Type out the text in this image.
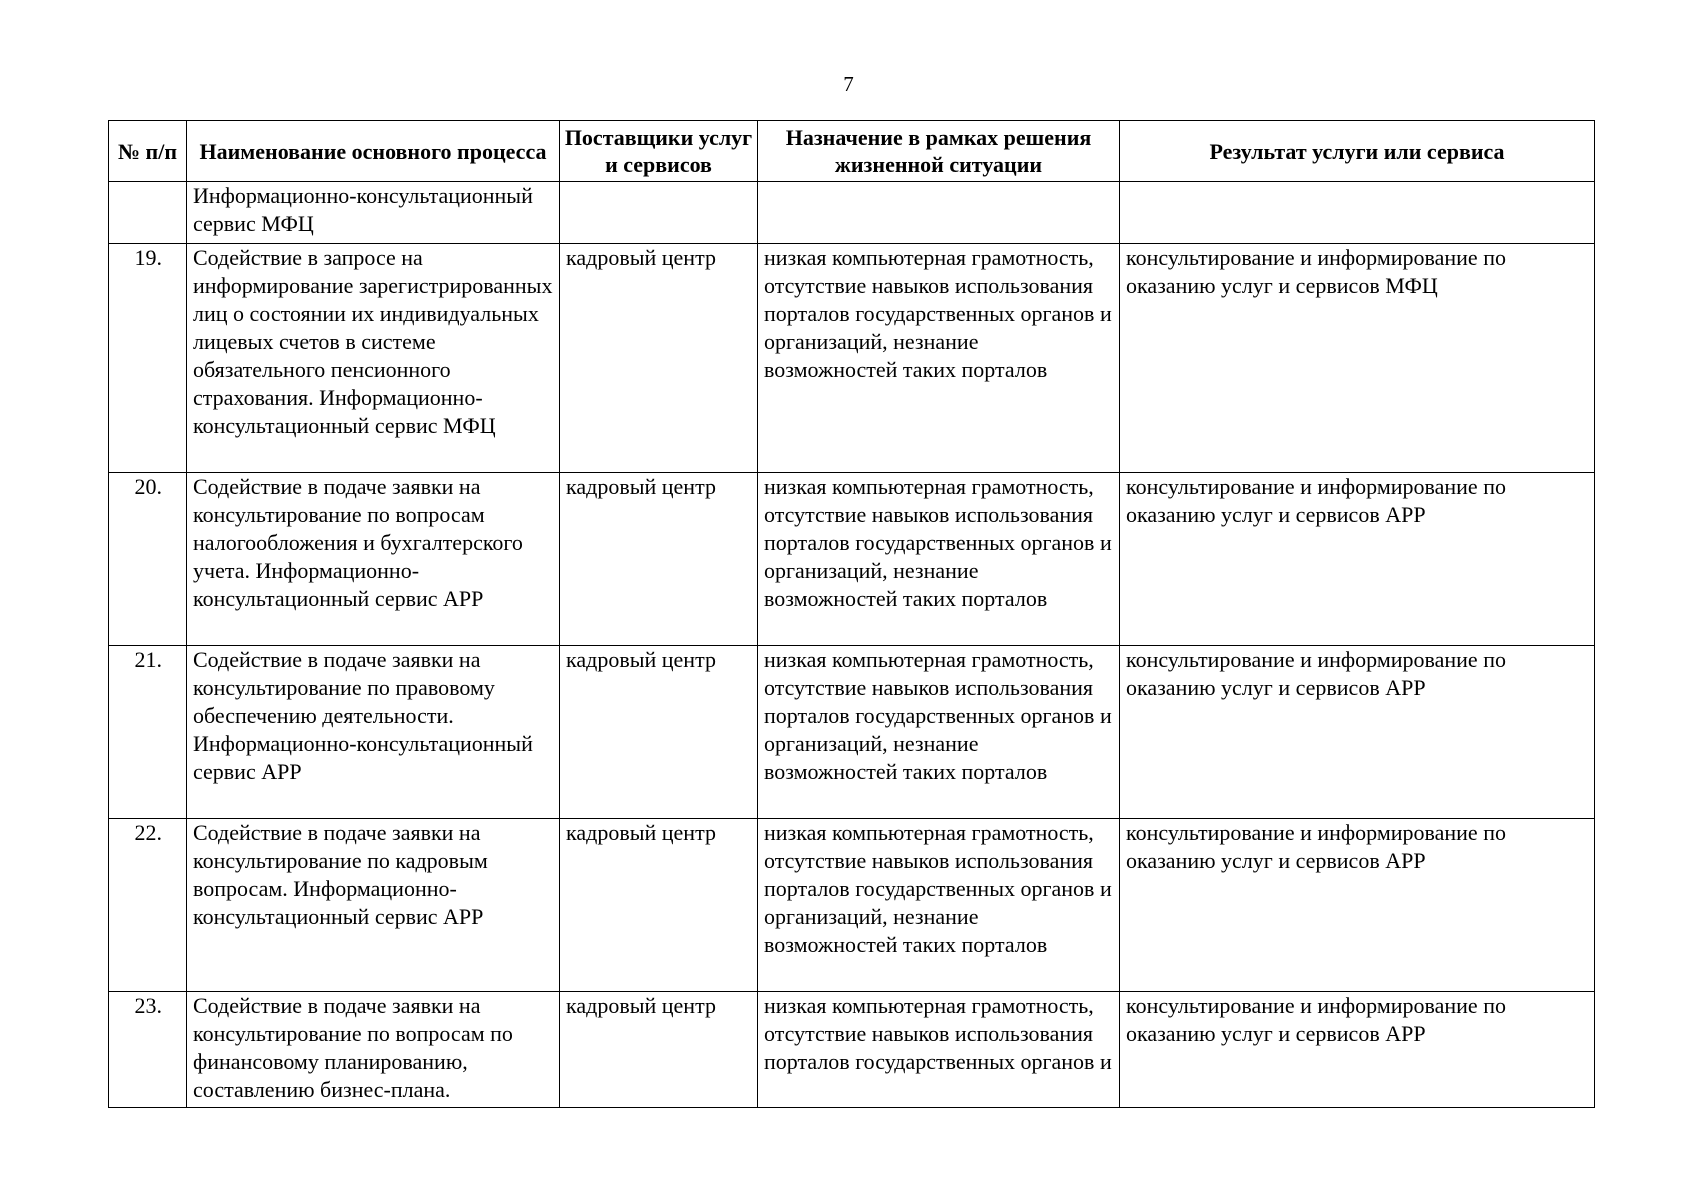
7
№ п/п	Наименование основного процесса	Поставщики услуг и сервисов	Назначение в рамках решения жизненной ситуации	Результат услуги или сервиса
	Информационно-консультационный сервис МФЦ			
19.	Содействие в запросе на информирование зарегистрированных лиц о состоянии их индивидуальных лицевых счетов в системе обязательного пенсионного страхования. Информационно-консультационный сервис МФЦ	кадровый центр	низкая компьютерная грамотность, отсутствие навыков использования порталов государственных органов и организаций, незнание возможностей таких порталов	консультирование и информирование по оказанию услуг и сервисов МФЦ
20.	Содействие в подаче заявки на консультирование по вопросам налогообложения и бухгалтерского учета. Информационно-консультационный сервис АРР	кадровый центр	низкая компьютерная грамотность, отсутствие навыков использования порталов государственных органов и организаций, незнание возможностей таких порталов	консультирование и информирование по оказанию услуг и сервисов АРР
21.	Содействие в подаче заявки на консультирование по правовому обеспечению деятельности. Информационно-консультационный сервис АРР	кадровый центр	низкая компьютерная грамотность, отсутствие навыков использования порталов государственных органов и организаций, незнание возможностей таких порталов	консультирование и информирование по оказанию услуг и сервисов АРР
22.	Содействие в подаче заявки на консультирование по кадровым вопросам. Информационно-консультационный сервис АРР	кадровый центр	низкая компьютерная грамотность, отсутствие навыков использования порталов государственных органов и организаций, незнание возможностей таких порталов	консультирование и информирование по оказанию услуг и сервисов АРР
23.	Содействие в подаче заявки на консультирование по вопросам по финансовому планированию, составлению бизнес-плана.	кадровый центр	низкая компьютерная грамотность, отсутствие навыков использования порталов государственных органов и	консультирование и информирование по оказанию услуг и сервисов АРР
